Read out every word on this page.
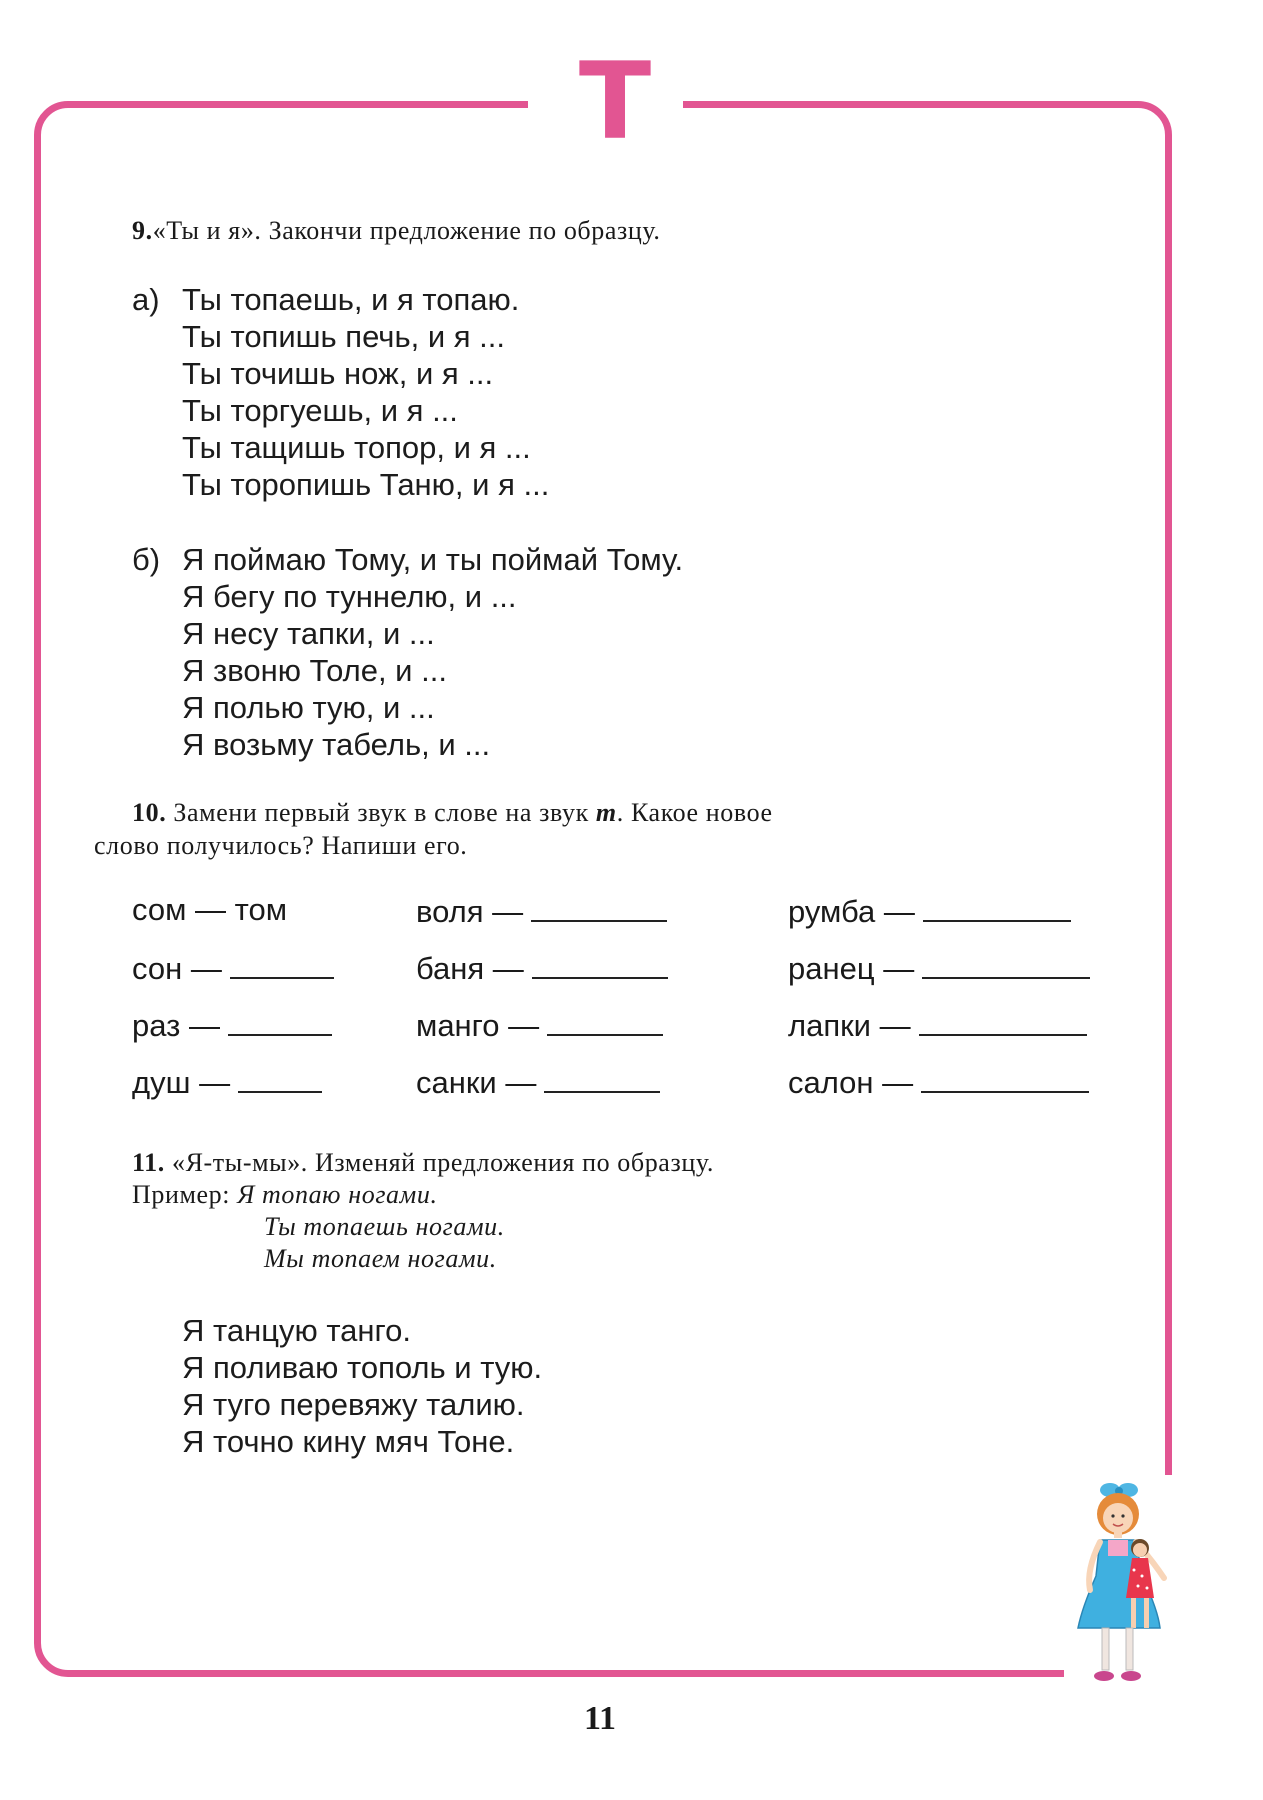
Т
9.«Ты и я». Закончи предложение по образцу.
а) Ты топаешь, и я топаю.
Ты топишь печь, и я ...
Ты точишь нож, и я ...
Ты торгуешь, и я ...
Ты тащишь топор, и я ...
Ты торопишь Таню, и я ...
б) Я поймаю Тому, и ты поймай Тому.
Я бегу по туннелю, и ...
Я несу тапки, и ...
Я звоню Толе, и ...
Я полью тую, и ...
Я возьму табель, и ...
10. Замени первый звук в слове на звук т. Какое новое
слово получилось? Напиши его.
сом — том
сон —
раз —
душ —
воля —
баня —
манго —
санки —
румба —
ранец —
лапки —
салон —
11. «Я-ты-мы». Изменяй предложения по образцу.
Пример: Я топаю ногами.
Ты топаешь ногами.
Мы топаем ногами.
Я танцую танго.
Я поливаю тополь и тую.
Я туго перевяжу талию.
Я точно кину мяч Тоне.
11
